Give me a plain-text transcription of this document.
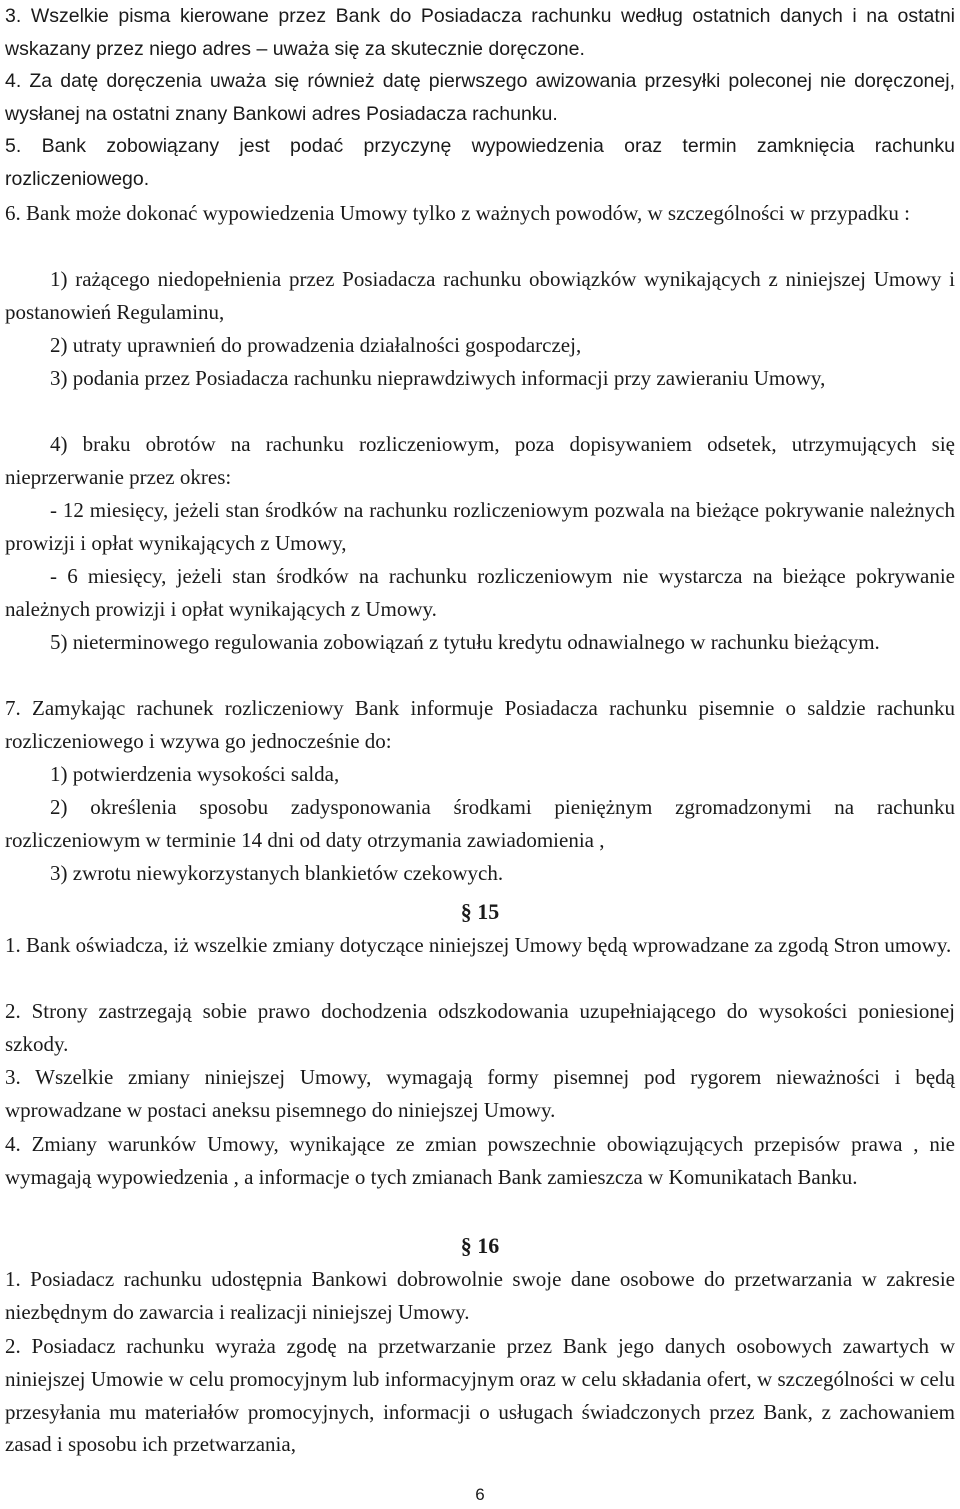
3. Wszelkie pisma kierowane przez Bank do Posiadacza rachunku według ostatnich danych i na ostatni wskazany przez niego adres – uważa się za skutecznie doręczone.

4. Za datę doręczenia uważa się również datę pierwszego awizowania przesyłki poleconej nie doręczonej, wysłanej na ostatni znany Bankowi adres Posiadacza rachunku.

5. Bank zobowiązany jest podać przyczynę wypowiedzenia oraz termin zamknięcia rachunku rozliczeniowego.

6. Bank może dokonać wypowiedzenia Umowy tylko z ważnych powodów, w szczególności w przypadku :

1) rażącego niedopełnienia przez Posiadacza rachunku obowiązków wynikających z niniejszej Umowy i postanowień Regulaminu,

2) utraty uprawnień do prowadzenia działalności gospodarczej,

3) podania przez Posiadacza rachunku nieprawdziwych informacji przy zawieraniu Umowy,

4) braku obrotów na rachunku rozliczeniowym, poza dopisywaniem odsetek, utrzymujących się nieprzerwanie przez okres:

- 12 miesięcy, jeżeli stan środków na rachunku rozliczeniowym pozwala na bieżące pokrywanie należnych prowizji i opłat wynikających z Umowy,

- 6 miesięcy, jeżeli stan środków na rachunku rozliczeniowym nie wystarcza na bieżące pokrywanie należnych prowizji i opłat wynikających z Umowy.

5) nieterminowego regulowania zobowiązań z tytułu kredytu odnawialnego w rachunku bieżącym.

7. Zamykając rachunek rozliczeniowy Bank informuje Posiadacza rachunku pisemnie o saldzie rachunku rozliczeniowego i wzywa go jednocześnie do:

1) potwierdzenia wysokości salda,

2) określenia sposobu zadysponowania środkami pieniężnym zgromadzonymi na rachunku rozliczeniowym w terminie 14 dni od daty otrzymania zawiadomienia ,

3) zwrotu niewykorzystanych blankietów czekowych.

§ 15

1. Bank oświadcza, iż wszelkie zmiany dotyczące niniejszej Umowy będą wprowadzane za zgodą Stron umowy.

2. Strony zastrzegają sobie prawo dochodzenia odszkodowania uzupełniającego do wysokości poniesionej szkody.

3. Wszelkie zmiany niniejszej Umowy, wymagają formy pisemnej pod rygorem nieważności i będą wprowadzane w postaci aneksu pisemnego do niniejszej Umowy.

4. Zmiany warunków Umowy, wynikające ze zmian powszechnie obowiązujących przepisów prawa , nie wymagają wypowiedzenia , a informacje o tych zmianach Bank zamieszcza w Komunikatach Banku.

§ 16

1. Posiadacz rachunku udostępnia Bankowi dobrowolnie swoje dane osobowe do przetwarzania w zakresie niezbędnym do zawarcia i realizacji niniejszej Umowy.

2. Posiadacz rachunku wyraża zgodę na przetwarzanie przez Bank jego danych osobowych zawartych w niniejszej Umowie w celu promocyjnym lub informacyjnym oraz w celu składania ofert, w szczególności w celu przesyłania mu materiałów promocyjnych, informacji o usługach świadczonych przez Bank, z zachowaniem zasad i sposobu ich przetwarzania,

6
